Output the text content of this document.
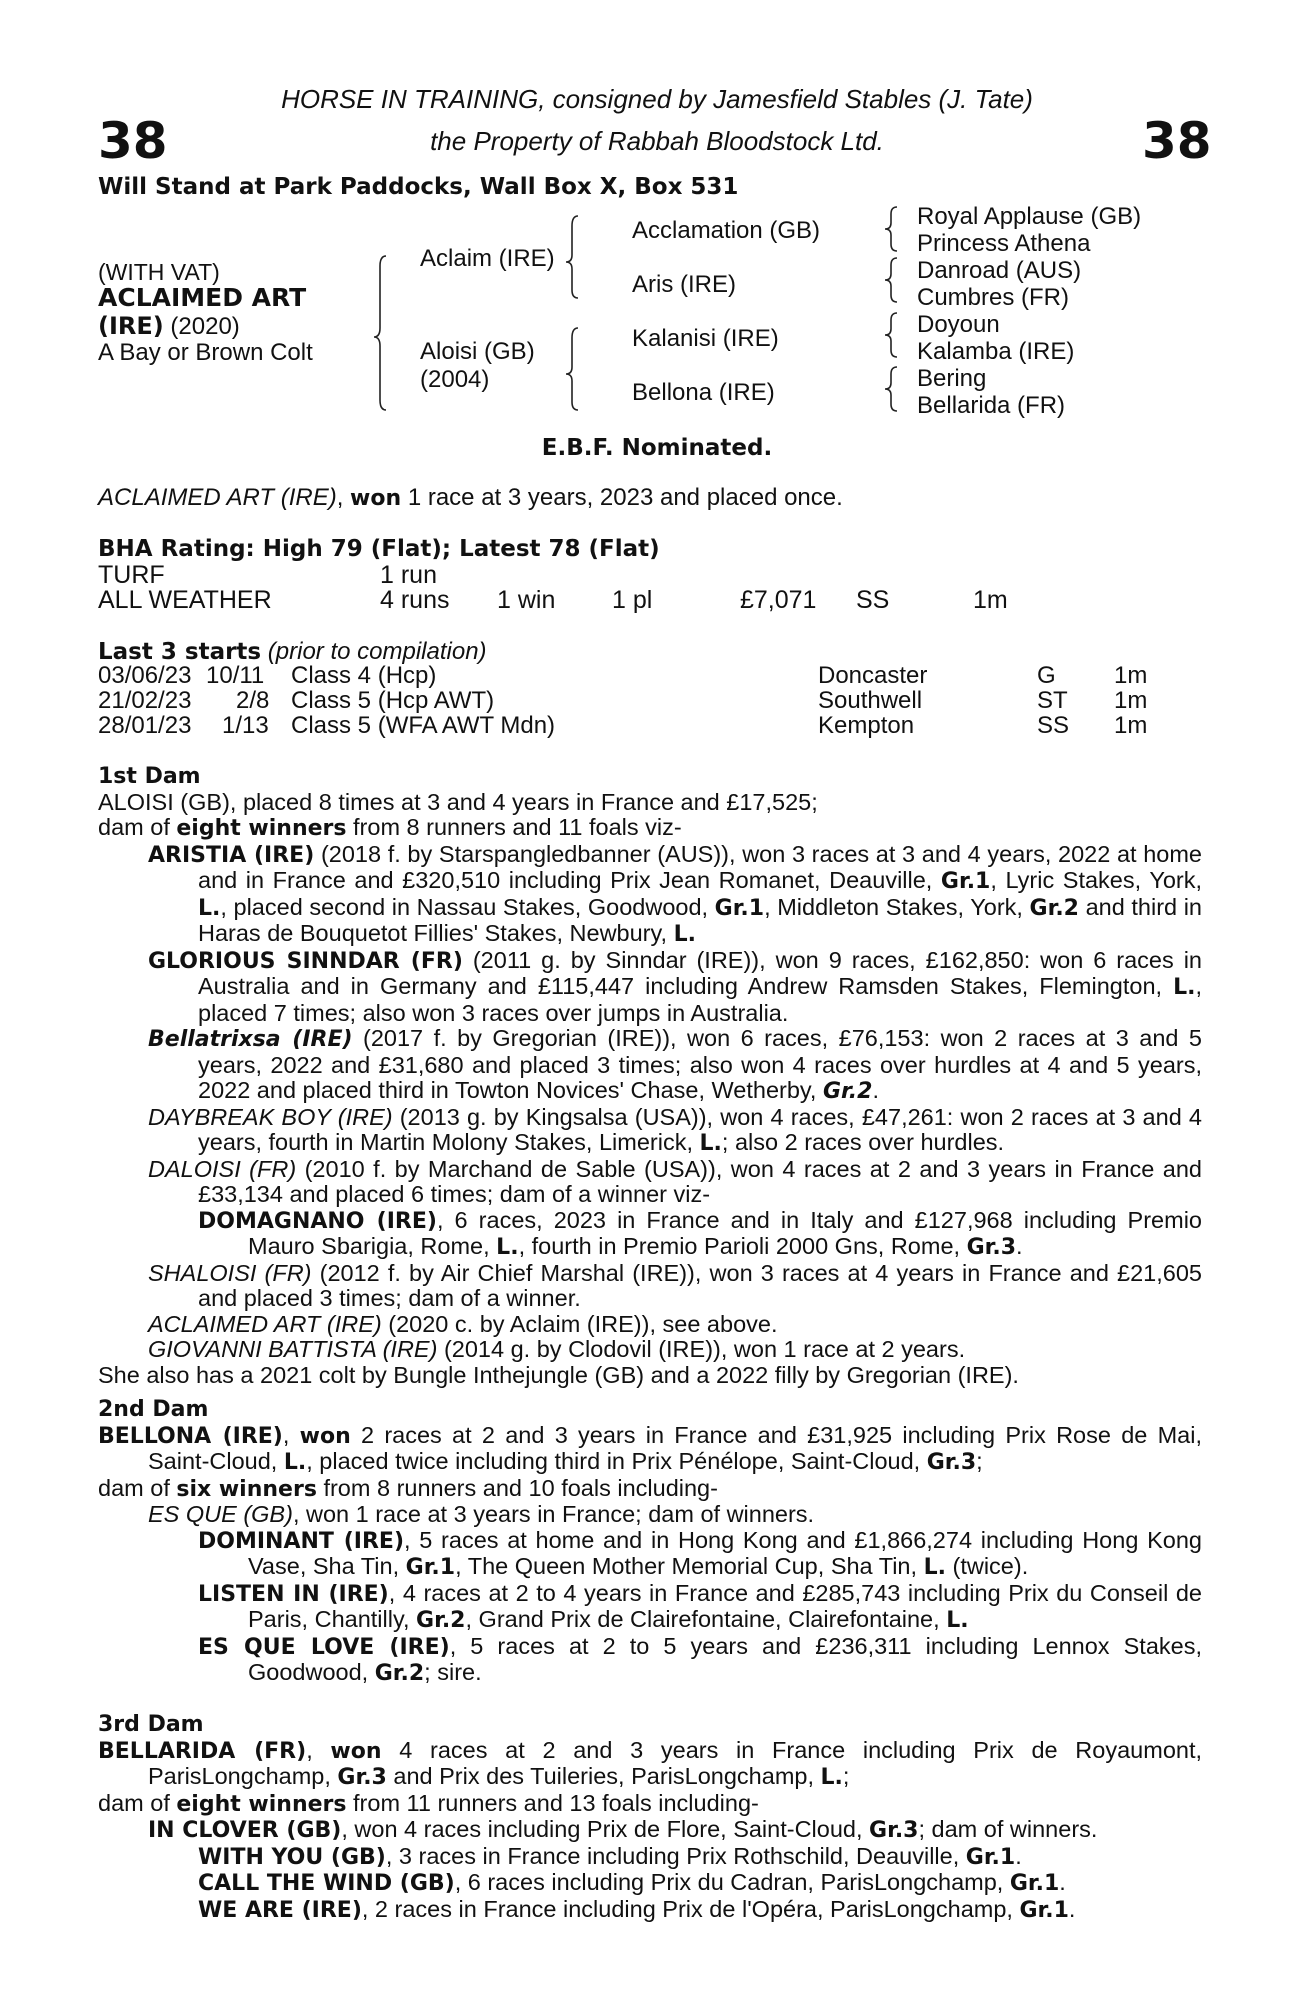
38	38
HORSE IN TRAINING, consigned by Jamesfield Stables (J. Tate)
the Property of Rabbah Bloodstock Ltd.
Will Stand at Park Paddocks, Wall Box X, Box 531
(WITH VAT)
ACLAIMED ART
(IRE) (2020)
A Bay or Brown Colt
Aclaim (IRE)
Aloisi (GB)
(2004)
Acclamation (GB)
Aris (IRE)
Kalanisi (IRE)
Bellona (IRE)
Royal Applause (GB)
Princess Athena
Danroad (AUS)
Cumbres (FR)
Doyoun
Kalamba (IRE)
Bering
Bellarida (FR)
E.B.F. Nominated.
ACLAIMED ART (IRE), won 1 race at 3 years, 2023 and placed once.
BHA Rating: High 79 (Flat); Latest 78 (Flat)
TURF	1 run
ALL WEATHER	4 runs 1 win 1 pl	£7,071 SS	1m
Last 3 starts (prior to compilation)
03/06/23 10/11 Class 4 (Hcp)	Doncaster	G 1m
21/02/23 2/8 Class 5 (Hcp AWT)	Southwell	ST 1m
28/01/23 1/13 Class 5 (WFA AWT Mdn)	Kempton	SS 1m

1st Dam

ALOISI (GB), placed 8 times at 3 and 4 years in France and £17,525;

dam of eight winners from 8 runners and 11 foals viz-

ARISTIA (IRE) (2018 f. by Starspangledbanner (AUS)), won 3 races at 3 and 4 years, 2022 at home and in France and £320,510 including Prix Jean Romanet, Deauville, Gr.1, Lyric Stakes, York, L., placed second in Nassau Stakes, Goodwood, Gr.1, Middleton Stakes, York, Gr.2 and third in Haras de Bouquetot Fillies' Stakes, Newbury, L.

GLORIOUS SINNDAR (FR) (2011 g. by Sinndar (IRE)), won 9 races, £162,850: won 6 races in Australia and in Germany and £115,447 including Andrew Ramsden Stakes, Flemington, L., placed 7 times; also won 3 races over jumps in Australia.

Bellatrixsa (IRE) (2017 f. by Gregorian (IRE)), won 6 races, £76,153: won 2 races at 3 and 5 years, 2022 and £31,680 and placed 3 times; also won 4 races over hurdles at 4 and 5 years, 2022 and placed third in Towton Novices' Chase, Wetherby, Gr.2.

DAYBREAK BOY (IRE) (2013 g. by Kingsalsa (USA)), won 4 races, £47,261: won 2 races at 3 and 4 years, fourth in Martin Molony Stakes, Limerick, L.; also 2 races over hurdles.

DALOISI (FR) (2010 f. by Marchand de Sable (USA)), won 4 races at 2 and 3 years in France and £33,134 and placed 6 times; dam of a winner viz-

DOMAGNANO (IRE), 6 races, 2023 in France and in Italy and £127,968 including Premio Mauro Sbarigia, Rome, L., fourth in Premio Parioli 2000 Gns, Rome, Gr.3.

SHALOISI (FR) (2012 f. by Air Chief Marshal (IRE)), won 3 races at 4 years in France and £21,605 and placed 3 times; dam of a winner.

ACLAIMED ART (IRE) (2020 c. by Aclaim (IRE)), see above.

GIOVANNI BATTISTA (IRE) (2014 g. by Clodovil (IRE)), won 1 race at 2 years.

She also has a 2021 colt by Bungle Inthejungle (GB) and a 2022 filly by Gregorian (IRE).

2nd Dam

BELLONA (IRE), won 2 races at 2 and 3 years in France and £31,925 including Prix Rose de Mai, Saint-Cloud, L., placed twice including third in Prix Pénélope, Saint-Cloud, Gr.3;

dam of six winners from 8 runners and 10 foals including-

ES QUE (GB), won 1 race at 3 years in France; dam of winners.

DOMINANT (IRE), 5 races at home and in Hong Kong and £1,866,274 including Hong Kong Vase, Sha Tin, Gr.1, The Queen Mother Memorial Cup, Sha Tin, L. (twice).

LISTEN IN (IRE), 4 races at 2 to 4 years in France and £285,743 including Prix du Conseil de Paris, Chantilly, Gr.2, Grand Prix de Clairefontaine, Clairefontaine, L.

ES QUE LOVE (IRE), 5 races at 2 to 5 years and £236,311 including Lennox Stakes, Goodwood, Gr.2; sire.

3rd Dam

BELLARIDA (FR), won 4 races at 2 and 3 years in France including Prix de Royaumont, ParisLongchamp, Gr.3 and Prix des Tuileries, ParisLongchamp, L.;

dam of eight winners from 11 runners and 13 foals including-

IN CLOVER (GB), won 4 races including Prix de Flore, Saint-Cloud, Gr.3; dam of winners.

WITH YOU (GB), 3 races in France including Prix Rothschild, Deauville, Gr.1.

CALL THE WIND (GB), 6 races including Prix du Cadran, ParisLongchamp, Gr.1.

WE ARE (IRE), 2 races in France including Prix de l'Opéra, ParisLongchamp, Gr.1.
